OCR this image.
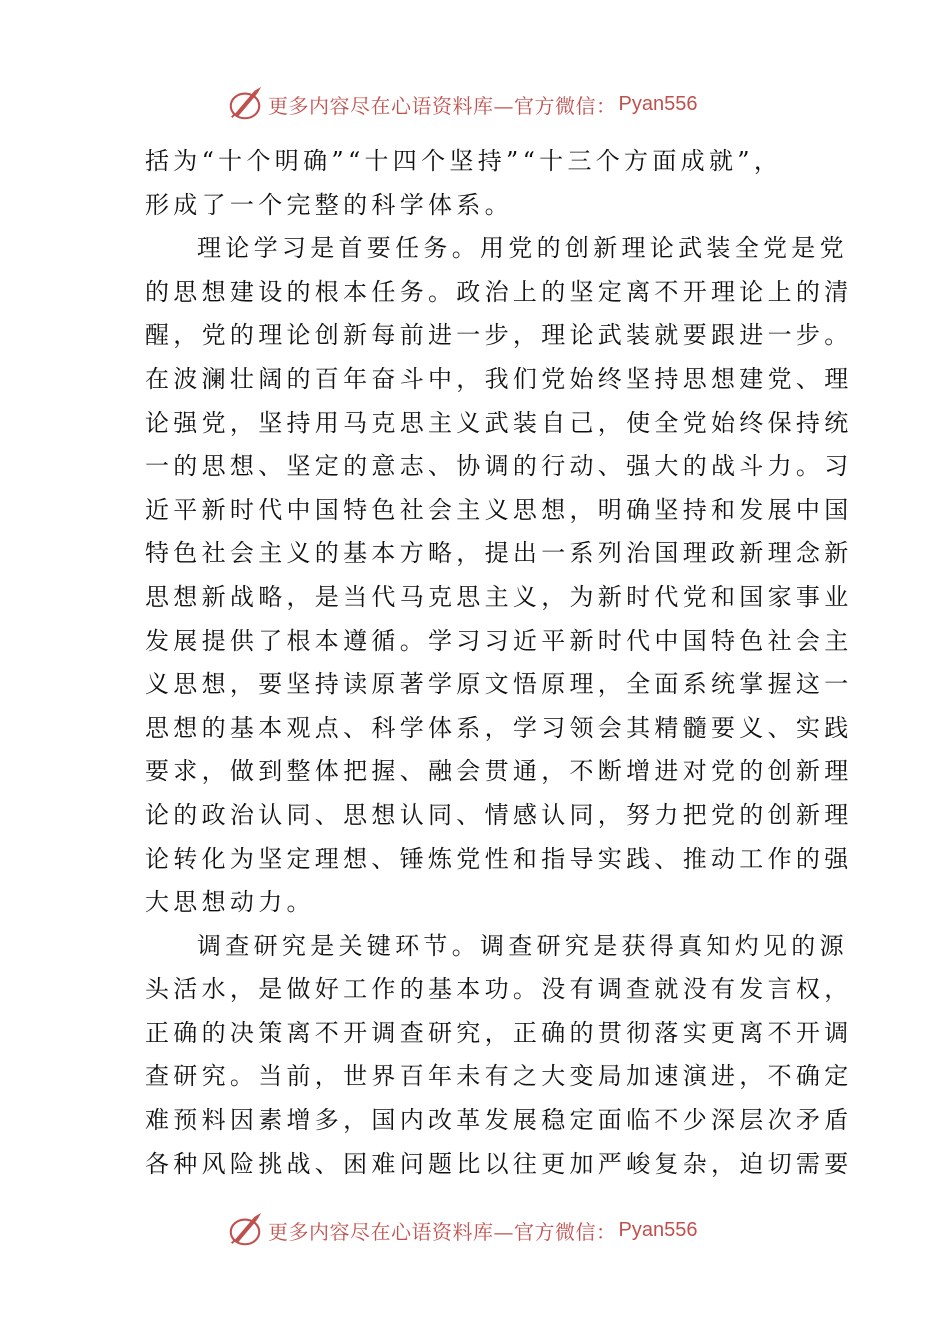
更多内容尽在心语资料库—官方微信： Pyan556
括为“十个明确”“十四个坚持”“十三个方面成就”，
形成了一个完整的科学体系。
理论学习是首要任务。用党的创新理论武装全党是党
的思想建设的根本任务。政治上的坚定离不开理论上的清
醒，党的理论创新每前进一步，理论武装就要跟进一步。
在波澜壮阔的百年奋斗中，我们党始终坚持思想建党、理
论强党，坚持用马克思主义武装自己，使全党始终保持统
一的思想、坚定的意志、协调的行动、强大的战斗力。习
近平新时代中国特色社会主义思想，明确坚持和发展中国
特色社会主义的基本方略，提出一系列治国理政新理念新
思想新战略，是当代马克思主义，为新时代党和国家事业
发展提供了根本遵循。学习习近平新时代中国特色社会主
义思想，要坚持读原著学原文悟原理，全面系统掌握这一
思想的基本观点、科学体系，学习领会其精髓要义、实践
要求，做到整体把握、融会贯通，不断增进对党的创新理
论的政治认同、思想认同、情感认同，努力把党的创新理
论转化为坚定理想、锤炼党性和指导实践、推动工作的强
大思想动力。
调查研究是关键环节。调查研究是获得真知灼见的源
头活水，是做好工作的基本功。没有调查就没有发言权，
正确的决策离不开调查研究，正确的贯彻落实更离不开调
查研究。当前，世界百年未有之大变局加速演进，不确定
难预料因素增多，国内改革发展稳定面临不少深层次矛盾
各种风险挑战、困难问题比以往更加严峻复杂，迫切需要
更多内容尽在心语资料库—官方微信： Pyan556
